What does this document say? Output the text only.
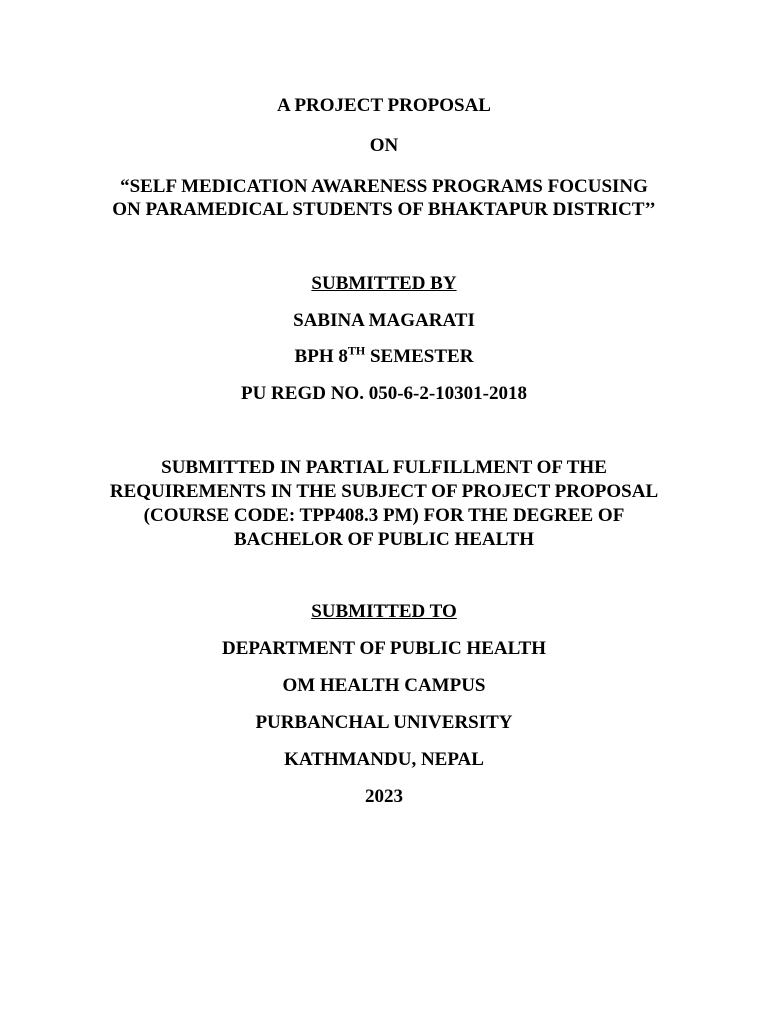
A PROJECT PROPOSAL
ON
“SELF MEDICATION AWARENESS PROGRAMS FOCUSING
ON PARAMEDICAL STUDENTS OF BHAKTAPUR DISTRICT’’
SUBMITTED BY
SABINA MAGARATI
BPH 8TH SEMESTER
PU REGD NO. 050-6-2-10301-2018
SUBMITTED IN PARTIAL FULFILLMENT OF THE
REQUIREMENTS IN THE SUBJECT OF PROJECT PROPOSAL
(COURSE CODE: TPP408.3 PM) FOR THE DEGREE OF
BACHELOR OF PUBLIC HEALTH
SUBMITTED TO
DEPARTMENT OF PUBLIC HEALTH
OM HEALTH CAMPUS
PURBANCHAL UNIVERSITY
KATHMANDU, NEPAL
2023
